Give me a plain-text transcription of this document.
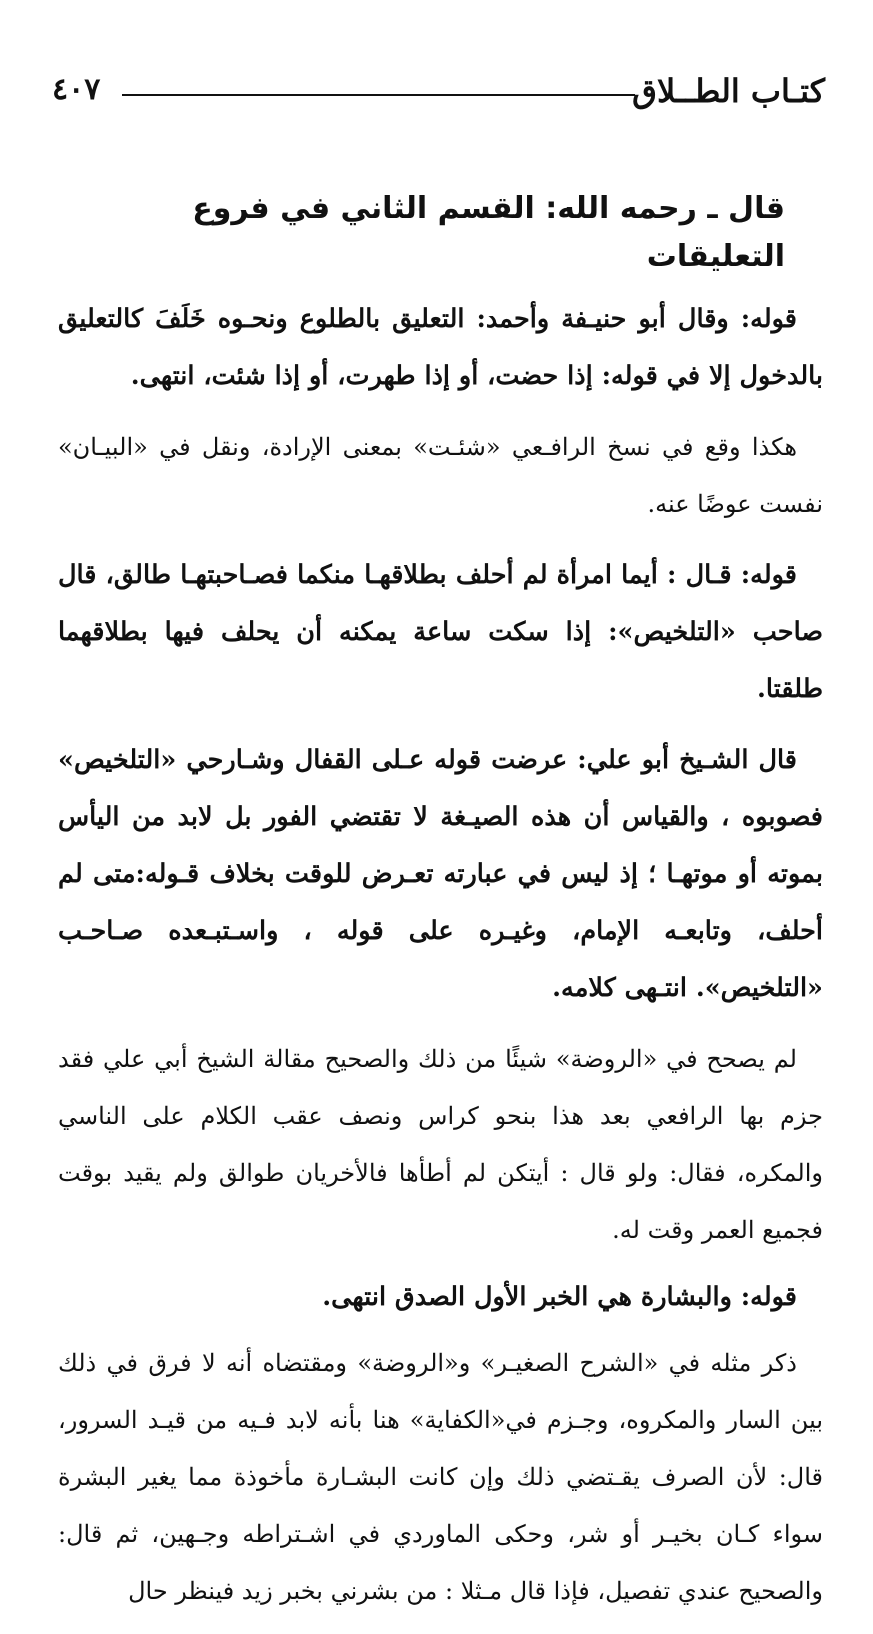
كتـاب الطــلاق
٤٠٧
قال ـ رحمه الله: القسم الثاني في فروع التعليقات

قوله: وقال أبو حنيـفة وأحمد: التعليق بالطلوع ونحـوه خَلَفَ كالتعليق بالدخول إلا في قوله: إذا حضت، أو إذا طهرت، أو إذا شئت، انتهى.

هكذا وقع في نسخ الرافـعي «شئـت» بمعنى الإرادة، ونقل في «البيـان» نفست عوضًا عنه.

قوله: قـال : أيما امرأة لم أحلف بطلاقهـا منكما فصـاحبتهـا طالق، قال صاحب «التلخيص»: إذا سكت ساعة يمكنه أن يحلف فيها بطلاقهما طلقتا.

قال الشـيخ أبو علي: عرضت قوله عـلى القفال وشـارحي «التلخيص» فصوبوه ، والقياس أن هذه الصيـغة لا تقتضي الفور بل لابد من اليأس بموته أو موتهـا ؛ إذ ليس في عبارته تعـرض للوقت بخلاف قـوله:متى لم أحلف، وتابعـه الإمام، وغيـره على قوله ، واسـتبـعده صـاحـب «التلخيص». انتـهى كلامه.

لم يصحح في «الروضة» شيئًا من ذلك والصحيح مقالة الشيخ أبي علي فقد جزم بها الرافعي بعد هذا بنحو كراس ونصف عقب الكلام على الناسي والمكره، فقال: ولو قال : أيتكن لم أطأها فالأخريان طوالق ولم يقيد بوقت فجميع العمر وقت له.

قوله: والبشارة هي الخبر الأول الصدق انتهى.

ذكر مثله في «الشرح الصغيـر» و«الروضة» ومقتضاه أنه لا فرق في ذلك بين السار والمكروه، وجـزم في«الكفاية» هنا بأنه لابد فـيه من قيـد السرور، قال: لأن الصرف يقـتضي ذلك وإن كانت البشـارة مأخوذة مما يغير البشرة سواء كـان بخيـر أو شر، وحكى الماوردي في اشـتراطه وجـهين، ثم قال: والصحيح عندي تفصيل، فإذا قال مـثلا : من بشرني بخبر زيد فينظر حال
